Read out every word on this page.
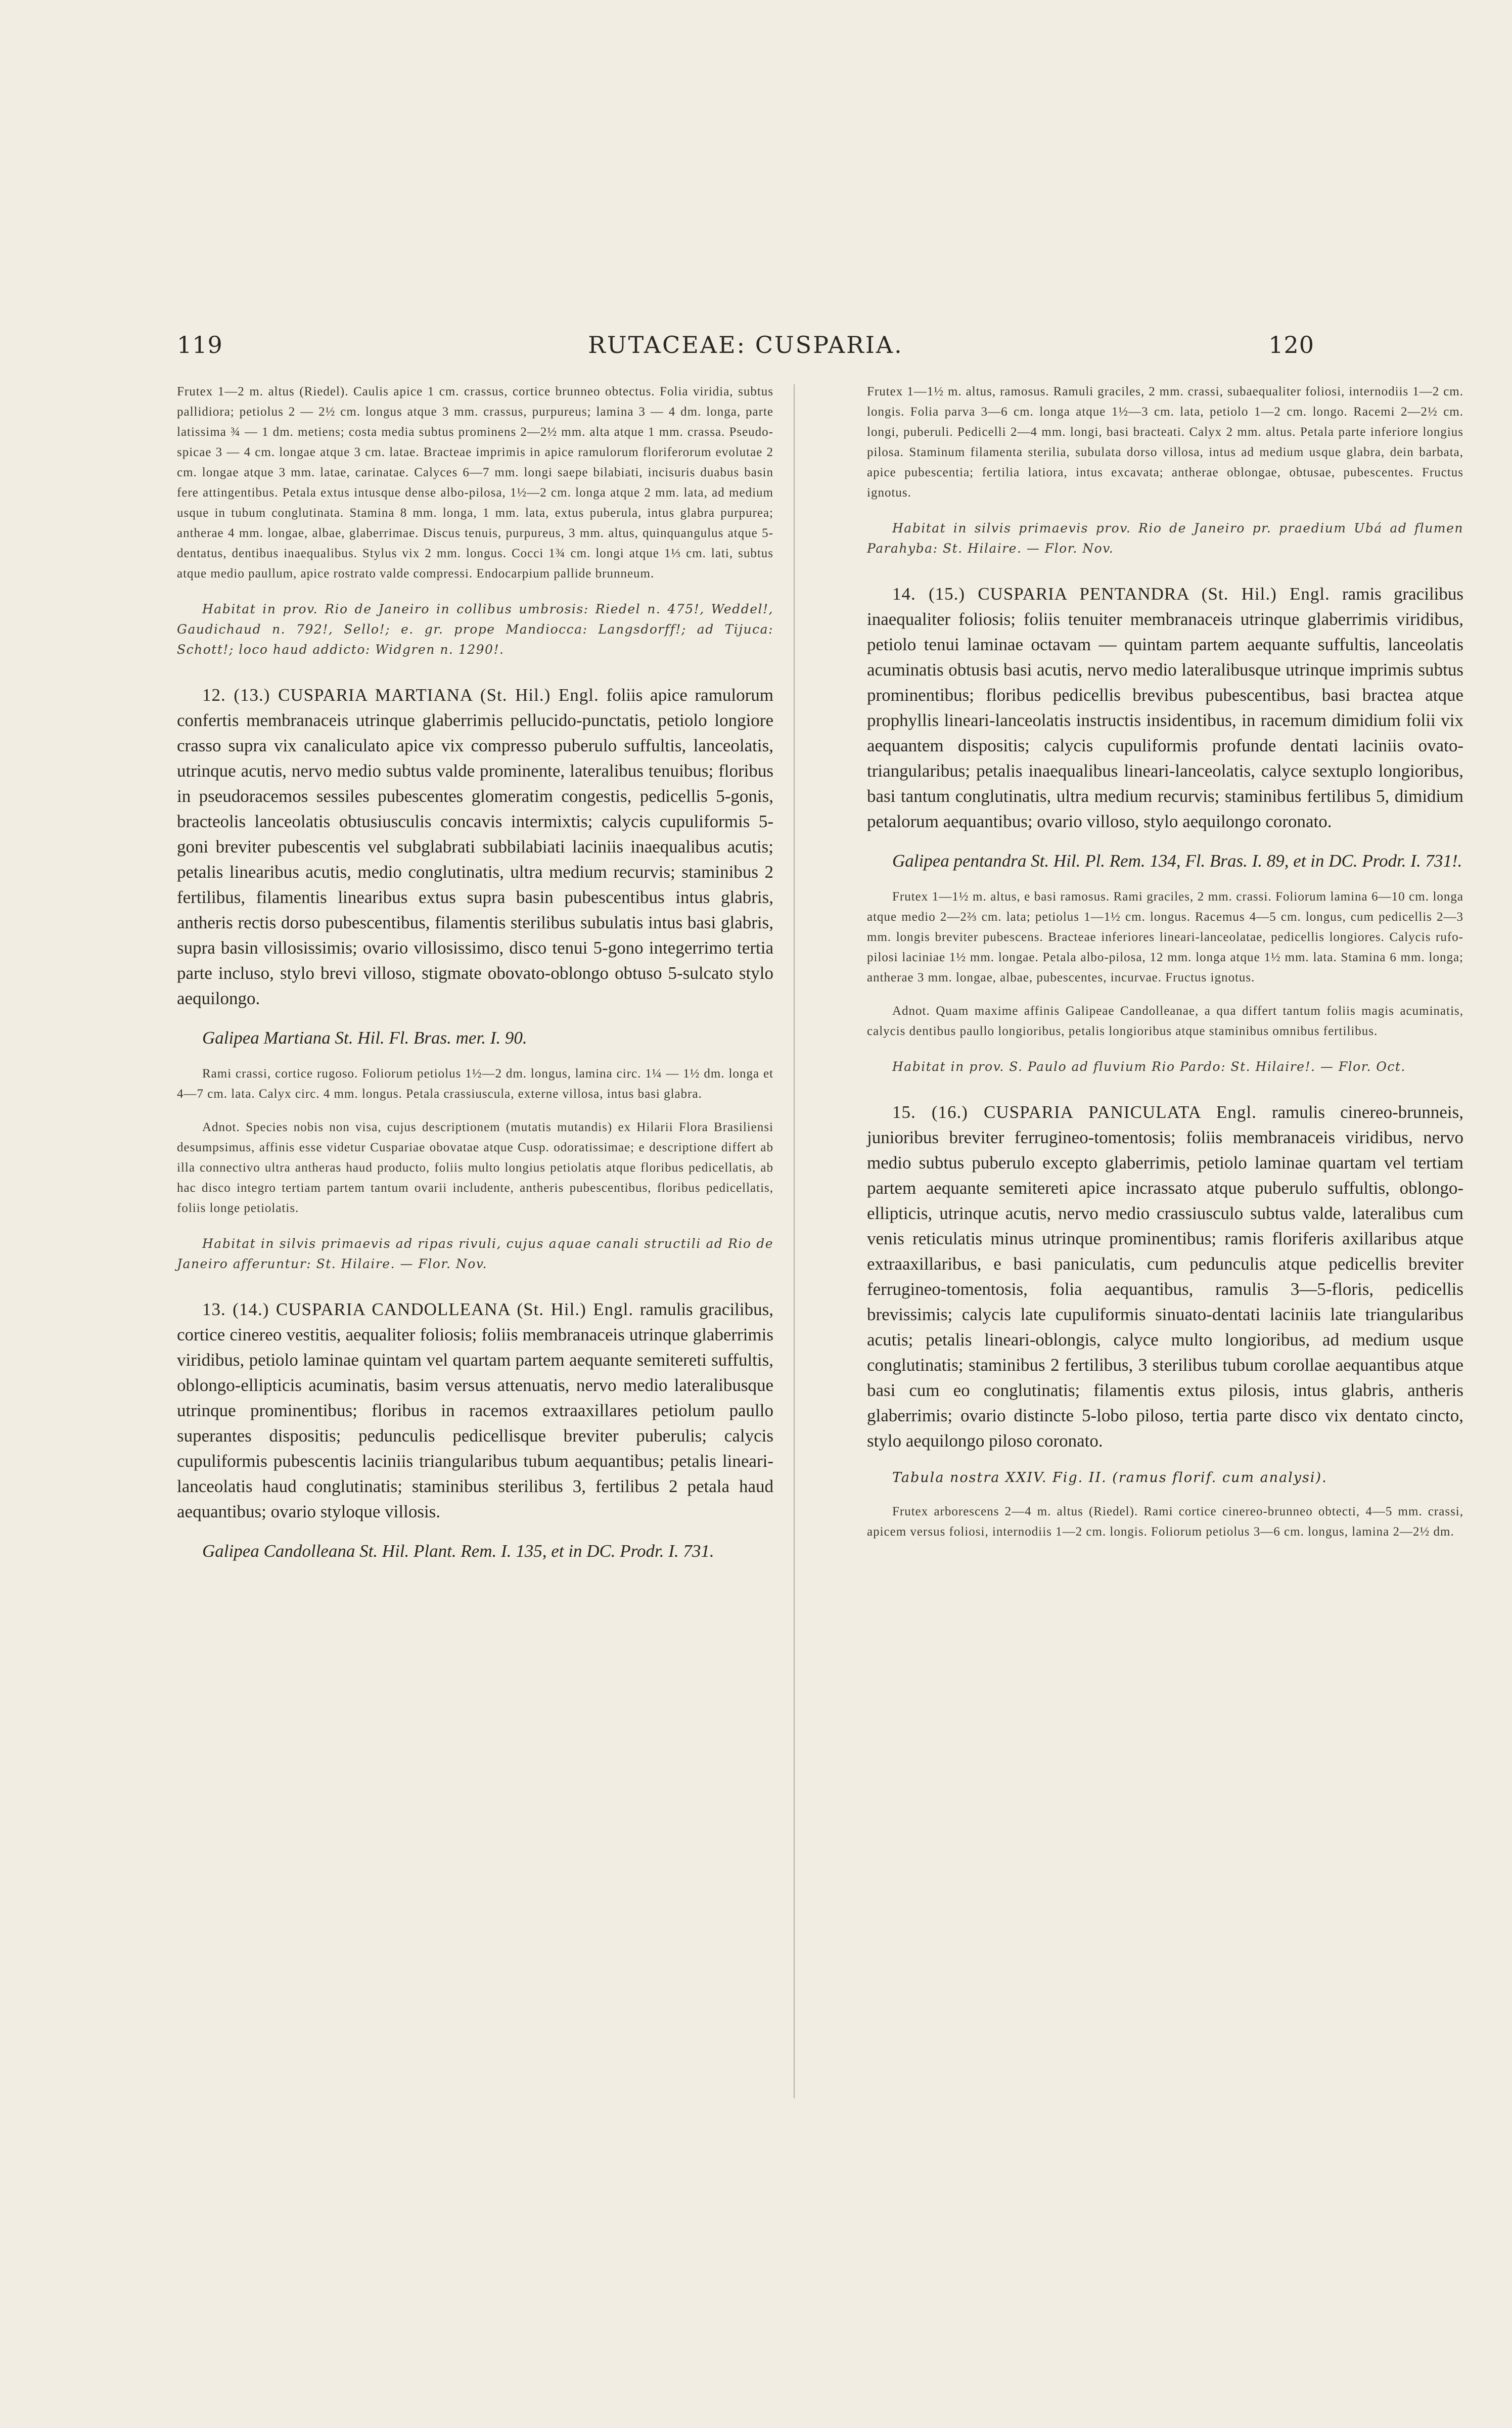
119	RUTACEAE: CUSPARIA.	120
Frutex 1—2 m. altus (Riedel). Caulis apice 1 cm. crassus, cortice brunneo obtectus. Folia viridia, subtus pallidiora; petiolus 2 — 2½ cm. longus atque 3 mm. crassus, purpureus; lamina 3 — 4 dm. longa, parte latissima ¾ — 1 dm. metiens; costa media subtus prominens 2—2½ mm. alta atque 1 mm. crassa. Pseudo-spicae 3 — 4 cm. longae atque 3 cm. latae. Bracteae imprimis in apice ramulorum floriferorum evolutae 2 cm. longae atque 3 mm. latae, carinatae. Calyces 6—7 mm. longi saepe bilabiati, incisuris duabus basin fere attingentibus. Petala extus intusque dense albo-pilosa, 1½—2 cm. longa atque 2 mm. lata, ad medium usque in tubum conglutinata. Stamina 8 mm. longa, 1 mm. lata, extus puberula, intus glabra purpurea; antherae 4 mm. longae, albae, glaberrimae. Discus tenuis, purpureus, 3 mm. altus, quinquangulus atque 5-dentatus, dentibus inaequalibus. Stylus vix 2 mm. longus. Cocci 1¾ cm. longi atque 1⅓ cm. lati, subtus atque medio paullum, apice rostrato valde compressi. Endocarpium pallide brunneum.
Habitat in prov. Rio de Janeiro in collibus umbrosis: Riedel n. 475!, Weddel!, Gaudichaud n. 792!, Sello!; e. gr. prope Mandiocca: Langsdorff!; ad Tijuca: Schott!; loco haud addicto: Widgren n. 1290!.
12. (13.) CUSPARIA MARTIANA (St. Hil.) Engl. foliis apice ramulorum confertis membranaceis utrinque glaberrimis pellucido-punctatis, petiolo longiore crasso supra vix canaliculato apice vix compresso puberulo suffultis, lanceolatis, utrinque acutis, nervo medio subtus valde prominente, lateralibus tenuibus; floribus in pseudoracemos sessiles pubescentes glomeratim congestis, pedicellis 5-gonis, bracteolis lanceolatis obtusiusculis concavis intermixtis; calycis cupuliformis 5-goni breviter pubescentis vel subglabrati subbilabiati laciniis inaequalibus acutis; petalis linearibus acutis, medio conglutinatis, ultra medium recurvis; staminibus 2 fertilibus, filamentis linearibus extus supra basin pubescentibus intus glabris, antheris rectis dorso pubescentibus, filamentis sterilibus subulatis intus basi glabris, supra basin villosissimis; ovario villosissimo, disco tenui 5-gono integerrimo tertia parte incluso, stylo brevi villoso, stigmate obovato-oblongo obtuso 5-sulcato stylo aequilongo.
Galipea Martiana St. Hil. Fl. Bras. mer. I. 90.
Rami crassi, cortice rugoso. Foliorum petiolus 1½—2 dm. longus, lamina circ. 1¼ — 1½ dm. longa et 4—7 cm. lata. Calyx circ. 4 mm. longus. Petala crassiuscula, externe villosa, intus basi glabra.
Adnot. Species nobis non visa, cujus descriptionem (mutatis mutandis) ex Hilarii Flora Brasiliensi desumpsimus, affinis esse videtur Cuspariae obovatae atque Cusp. odoratissimae; e descriptione differt ab illa connectivo ultra antheras haud producto, foliis multo longius petiolatis atque floribus pedicellatis, ab hac disco integro tertiam partem tantum ovarii includente, antheris pubescentibus, floribus pedicellatis, foliis longe petiolatis.
Habitat in silvis primaevis ad ripas rivuli, cujus aquae canali structili ad Rio de Janeiro afferuntur: St. Hilaire. — Flor. Nov.
13. (14.) CUSPARIA CANDOLLEANA (St. Hil.) Engl. ramulis gracilibus, cortice cinereo vestitis, aequaliter foliosis; foliis membranaceis utrinque glaberrimis viridibus, petiolo laminae quintam vel quartam partem aequante semitereti suffultis, oblongo-ellipticis acuminatis, basim versus attenuatis, nervo medio lateralibusque utrinque prominentibus; floribus in racemos extraaxillares petiolum paullo superantes dispositis; pedunculis pedicellisque breviter puberulis; calycis cupuliformis pubescentis laciniis triangularibus tubum aequantibus; petalis lineari-lanceolatis haud conglutinatis; staminibus sterilibus 3, fertilibus 2 petala haud aequantibus; ovario styloque villosis.
Galipea Candolleana St. Hil. Plant. Rem. I. 135, et in DC. Prodr. I. 731.
Frutex 1—1½ m. altus, ramosus. Ramuli graciles, 2 mm. crassi, subaequaliter foliosi, internodiis 1—2 cm. longis. Folia parva 3—6 cm. longa atque 1½—3 cm. lata, petiolo 1—2 cm. longo. Racemi 2—2½ cm. longi, puberuli. Pedicelli 2—4 mm. longi, basi bracteati. Calyx 2 mm. altus. Petala parte inferiore longius pilosa. Staminum filamenta sterilia, subulata dorso villosa, intus ad medium usque glabra, dein barbata, apice pubescentia; fertilia latiora, intus excavata; antherae oblongae, obtusae, pubescentes. Fructus ignotus.
Habitat in silvis primaevis prov. Rio de Janeiro pr. praedium Ubá ad flumen Parahyba: St. Hilaire. — Flor. Nov.
14. (15.) CUSPARIA PENTANDRA (St. Hil.) Engl. ramis gracilibus inaequaliter foliosis; foliis tenuiter membranaceis utrinque glaberrimis viridibus, petiolo tenui laminae octavam — quintam partem aequante suffultis, lanceolatis acuminatis obtusis basi acutis, nervo medio lateralibusque utrinque imprimis subtus prominentibus; floribus pedicellis brevibus pubescentibus, basi bractea atque prophyllis lineari-lanceolatis instructis insidentibus, in racemum dimidium folii vix aequantem dispositis; calycis cupuliformis profunde dentati laciniis ovato-triangularibus; petalis inaequalibus lineari-lanceolatis, calyce sextuplo longioribus, basi tantum conglutinatis, ultra medium recurvis; staminibus fertilibus 5, dimidium petalorum aequantibus; ovario villoso, stylo aequilongo coronato.
Galipea pentandra St. Hil. Pl. Rem. 134, Fl. Bras. I. 89, et in DC. Prodr. I. 731!.
Frutex 1—1½ m. altus, e basi ramosus. Rami graciles, 2 mm. crassi. Foliorum lamina 6—10 cm. longa atque medio 2—2⅔ cm. lata; petiolus 1—1½ cm. longus. Racemus 4—5 cm. longus, cum pedicellis 2—3 mm. longis breviter pubescens. Bracteae inferiores lineari-lanceolatae, pedicellis longiores. Calycis rufo-pilosi laciniae 1½ mm. longae. Petala albo-pilosa, 12 mm. longa atque 1½ mm. lata. Stamina 6 mm. longa; antherae 3 mm. longae, albae, pubescentes, incurvae. Fructus ignotus.
Adnot. Quam maxime affinis Galipeae Candolleanae, a qua differt tantum foliis magis acuminatis, calycis dentibus paullo longioribus, petalis longioribus atque staminibus omnibus fertilibus.
Habitat in prov. S. Paulo ad fluvium Rio Pardo: St. Hilaire!. — Flor. Oct.
15. (16.) CUSPARIA PANICULATA Engl. ramulis cinereo-brunneis, junioribus breviter ferrugineo-tomentosis; foliis membranaceis viridibus, nervo medio subtus puberulo excepto glaberrimis, petiolo laminae quartam vel tertiam partem aequante semitereti apice incrassato atque puberulo suffultis, oblongo-ellipticis, utrinque acutis, nervo medio crassiusculo subtus valde, lateralibus cum venis reticulatis minus utrinque prominentibus; ramis floriferis axillaribus atque extraaxillaribus, e basi paniculatis, cum pedunculis atque pedicellis breviter ferrugineo-tomentosis, folia aequantibus, ramulis 3—5-floris, pedicellis brevissimis; calycis late cupuliformis sinuato-dentati laciniis late triangularibus acutis; petalis lineari-oblongis, calyce multo longioribus, ad medium usque conglutinatis; staminibus 2 fertilibus, 3 sterilibus tubum corollae aequantibus atque basi cum eo conglutinatis; filamentis extus pilosis, intus glabris, antheris glaberrimis; ovario distincte 5-lobo piloso, tertia parte disco vix dentato cincto, stylo aequilongo piloso coronato.
Tabula nostra XXIV. Fig. II. (ramus florif. cum analysi).
Frutex arborescens 2—4 m. altus (Riedel). Rami cortice cinereo-brunneo obtecti, 4—5 mm. crassi, apicem versus foliosi, internodiis 1—2 cm. longis. Foliorum petiolus 3—6 cm. longus, lamina 2—2½ dm.
